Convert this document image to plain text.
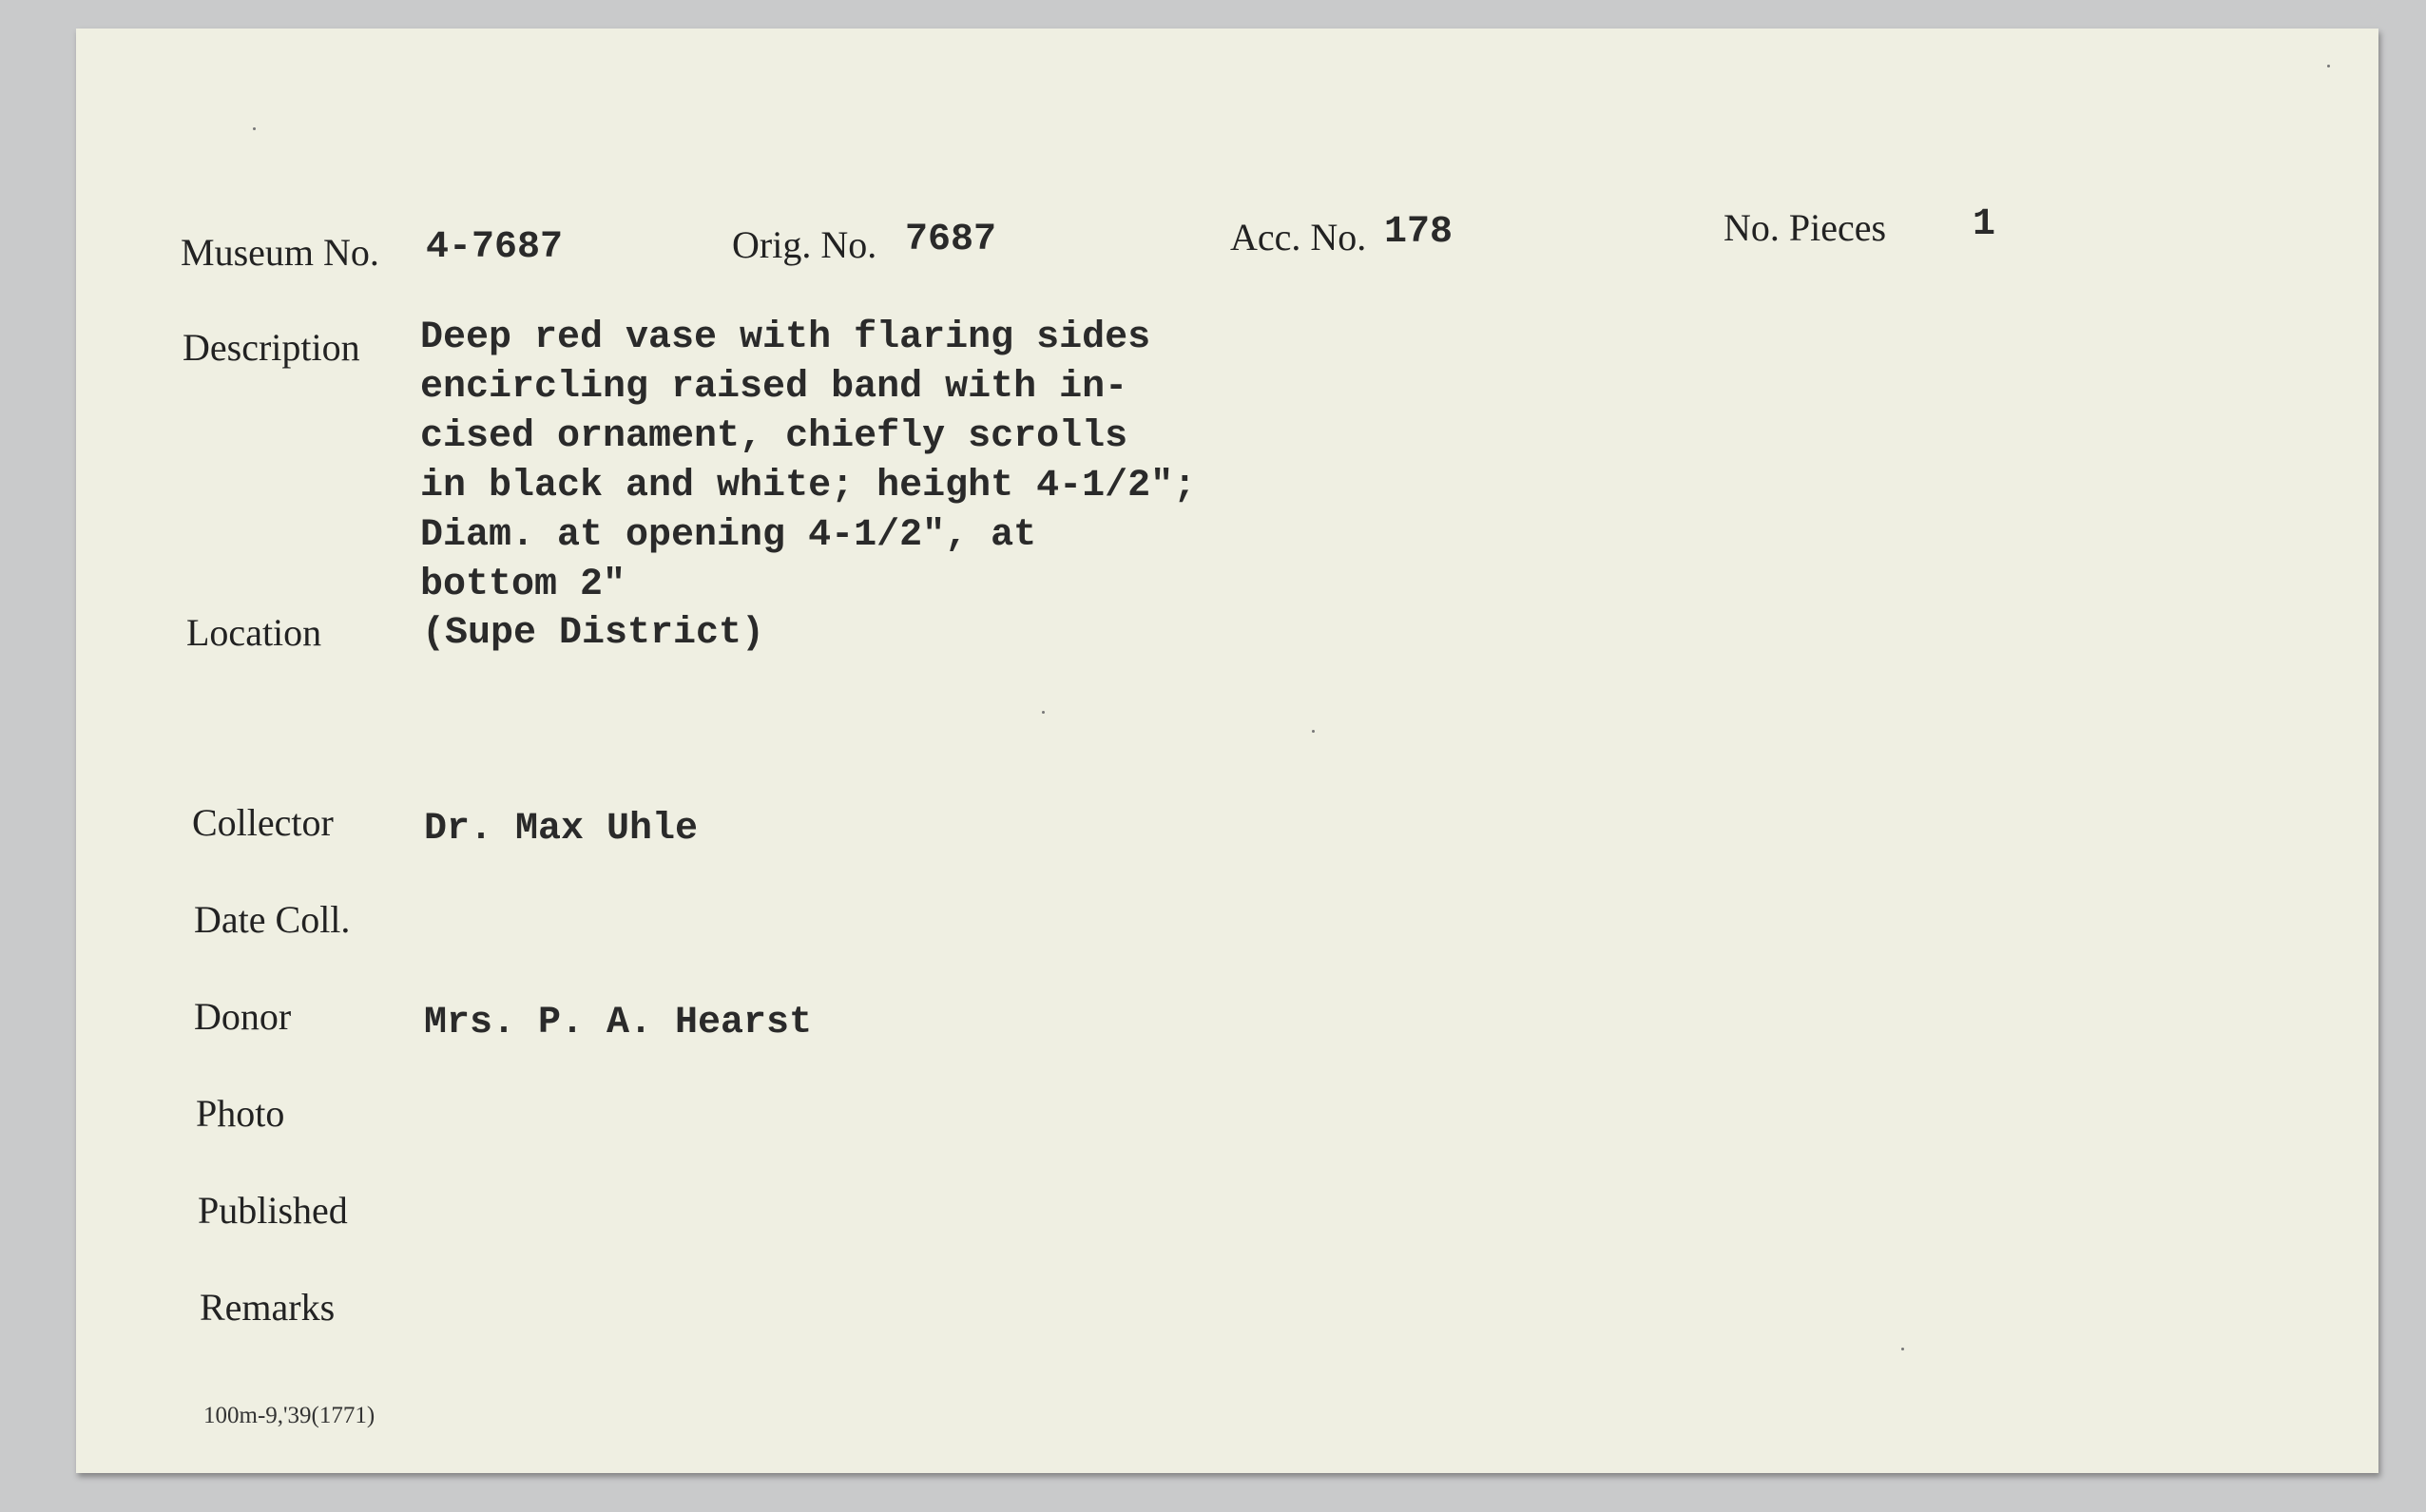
Museum No. 4-7687	Orig. No. 7687	Acc. No. 178	No. Pieces 1
Description Deep red vase with flaring sides
encircling raised band with in-
cised ornament, chiefly scrolls
in black and white; height 4-1/2";
Diam. at opening 4-1/2", at
bottom 2"
Location	(Supe District)
Collector Dr. Max Uhle
Date Coll.
Donor	Mrs. P. A. Hearst
Photo
Published
Remarks
100m-9,'39(1771)
